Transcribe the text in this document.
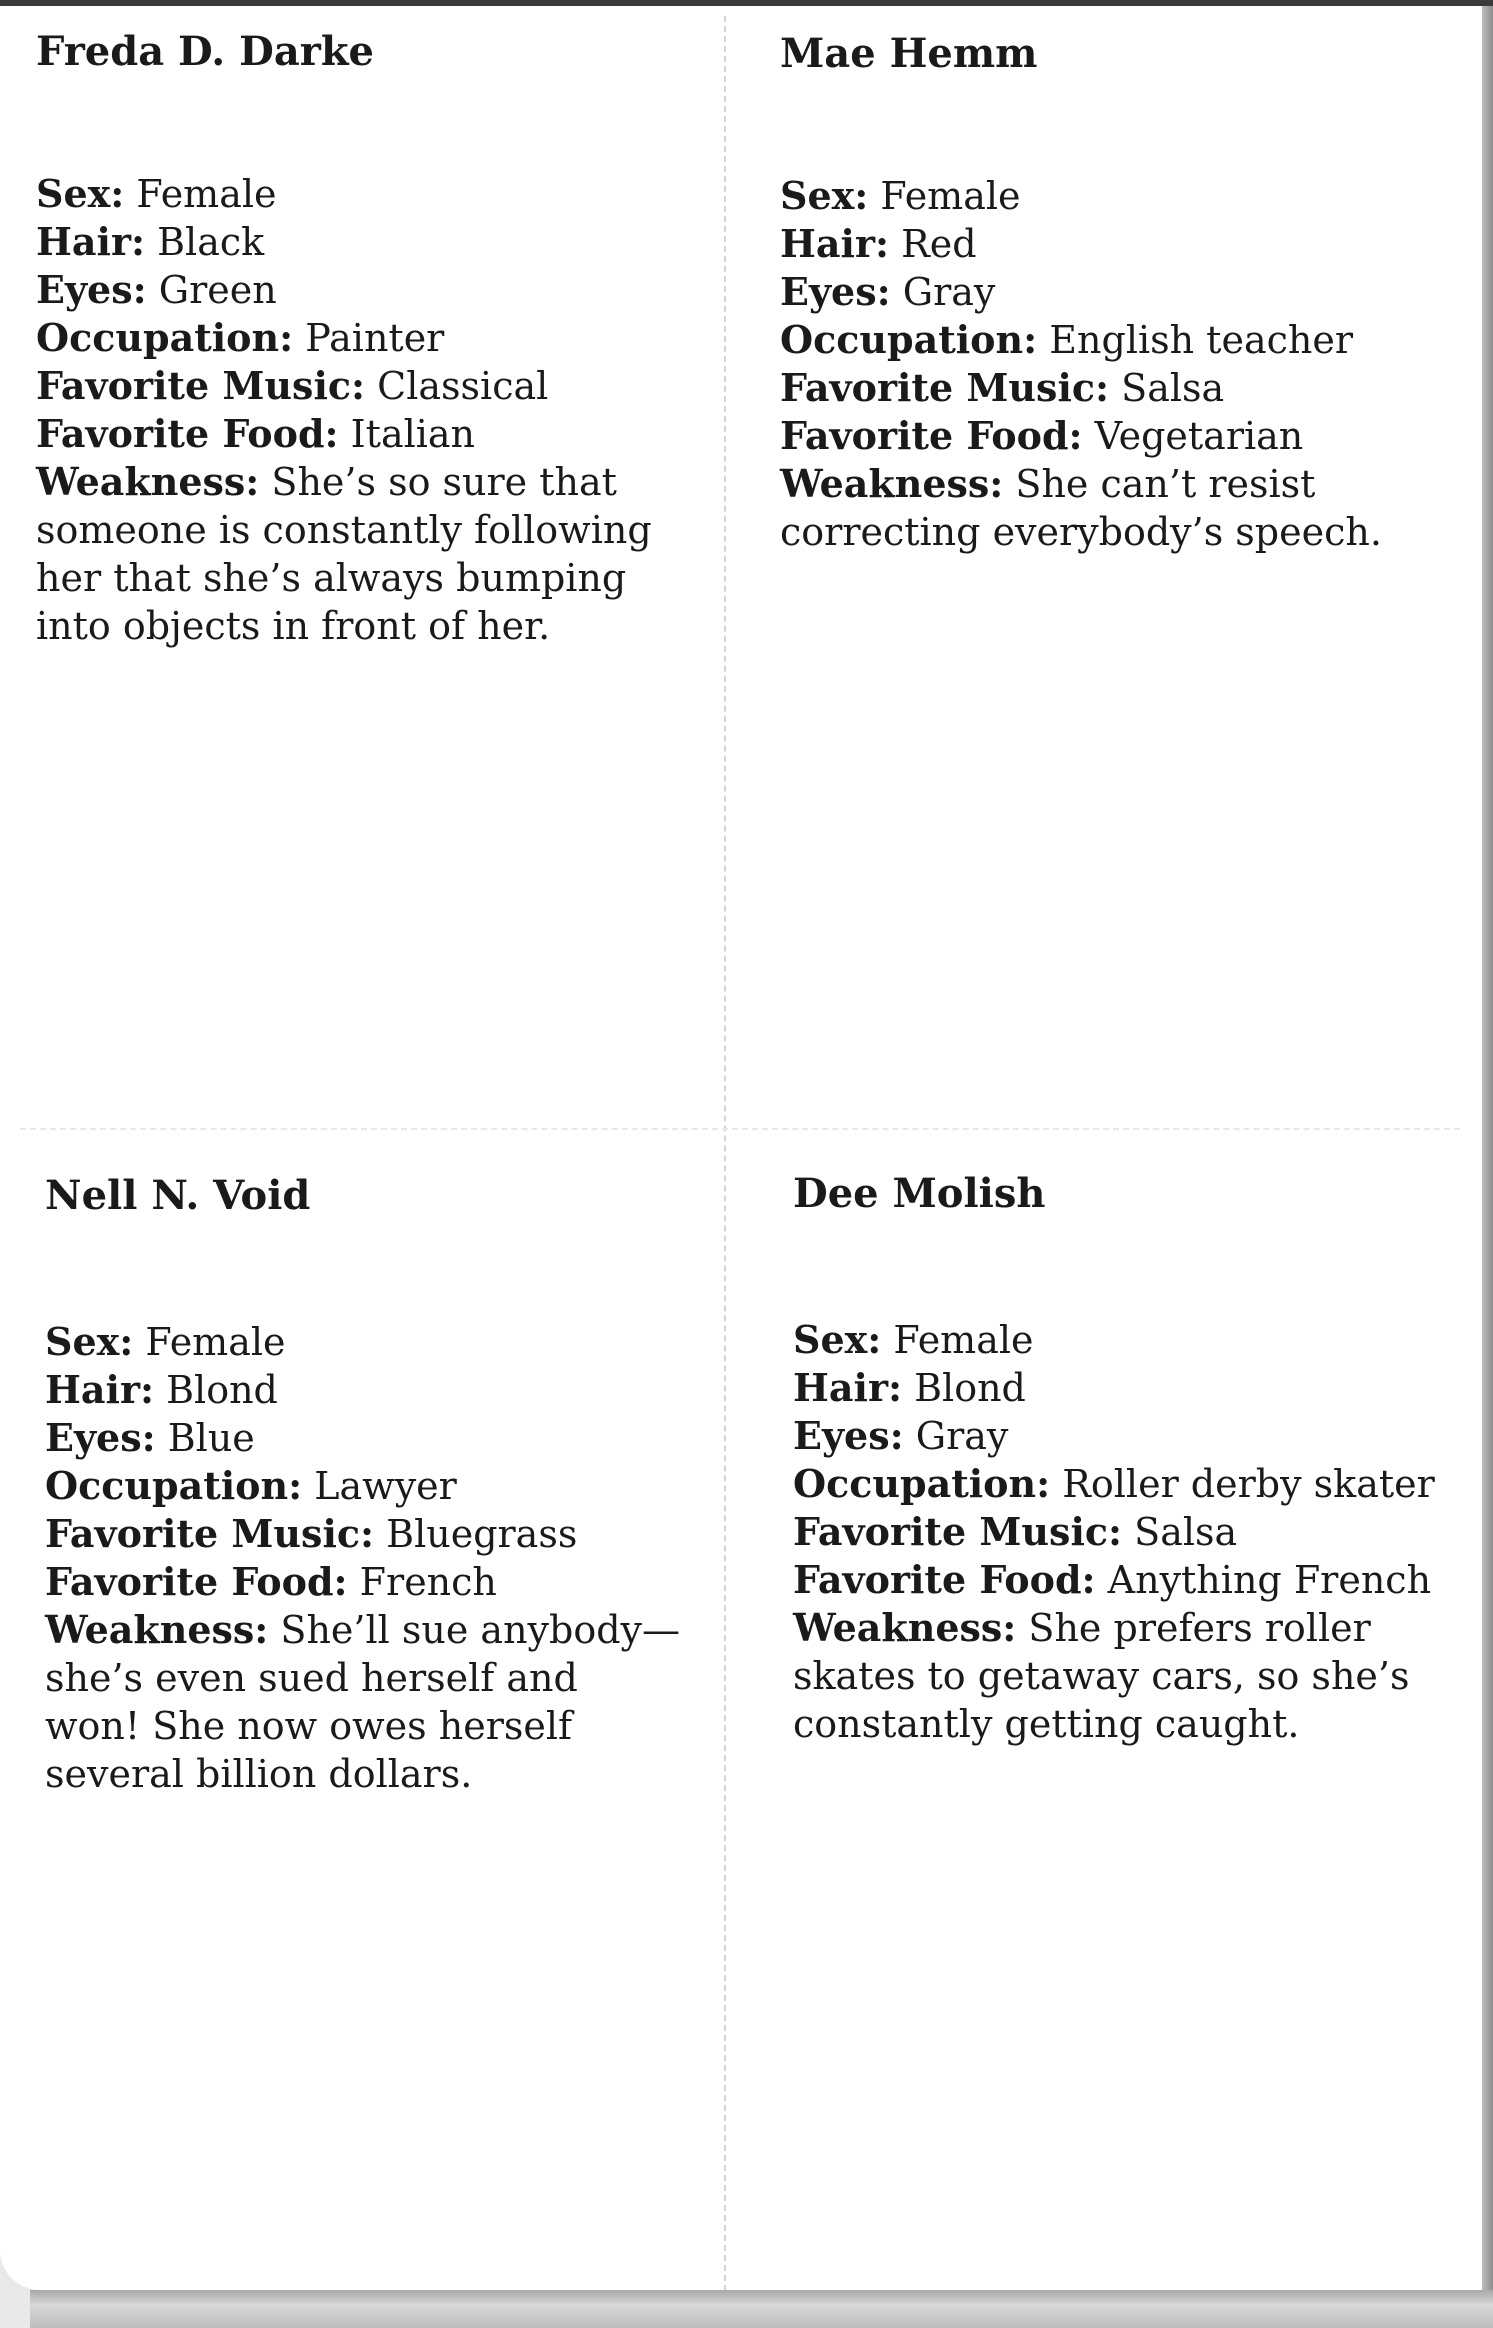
Freda D. Darke

Sex: Female

Hair: Black

Eyes: Green

Occupation: Painter

Favorite Music: Classical

Favorite Food: Italian

Weakness: She’s so sure that someone is constantly following her that she’s always bumping into objects in front of her.

Mae Hemm

Sex: Female

Hair: Red

Eyes: Gray

Occupation: English teacher

Favorite Music: Salsa

Favorite Food: Vegetarian

Weakness: She can’t resist correcting everybody’s speech.

Nell N. Void

Sex: Female

Hair: Blond

Eyes: Blue

Occupation: Lawyer

Favorite Music: Bluegrass

Favorite Food: French

Weakness: She’ll sue anybody—she’s even sued herself and won! She now owes herself several billion dollars.

Dee Molish

Sex: Female

Hair: Blond

Eyes: Gray

Occupation: Roller derby skater

Favorite Music: Salsa

Favorite Food: Anything French

Weakness: She prefers roller skates to getaway cars, so she’s constantly getting caught.
